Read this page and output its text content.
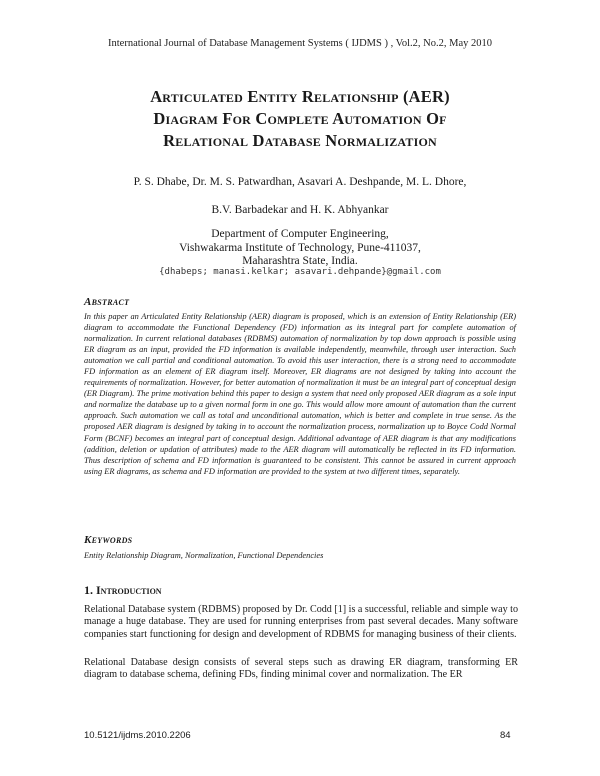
International Journal of Database Management Systems ( IJDMS ) , Vol.2, No.2, May 2010
Articulated Entity Relationship (AER)
Diagram For Complete Automation Of
Relational Database Normalization
P. S. Dhabe, Dr. M. S. Patwardhan, Asavari A. Deshpande, M. L. Dhore,
B.V. Barbadekar and H. K. Abhyankar
Department of Computer Engineering,
Vishwakarma Institute of Technology, Pune-411037,
Maharashtra State, India.
{dhabeps; manasi.kelkar; asavari.dehpande}@gmail.com
Abstract
In this paper an Articulated Entity Relationship (AER) diagram is proposed, which is an extension of Entity Relationship (ER) diagram to accommodate the Functional Dependency (FD) information as its integral part for complete automation of normalization. In current relational databases (RDBMS) automation of normalization by top down approach is possible using ER diagram as an input, provided the FD information is available independently, meanwhile, through user interaction. Such automation we call partial and conditional automation. To avoid this user interaction, there is a strong need to accommodate FD information as an element of ER diagram itself. Moreover, ER diagrams are not designed by taking into account the requirements of normalization. However, for better automation of normalization it must be an integral part of conceptual design (ER Diagram). The prime motivation behind this paper to design a system that need only proposed AER diagram as a sole input and normalize the database up to a given normal form in one go. This would allow more amount of automation than the current approach. Such automation we call as total and unconditional automation, which is better and complete in true sense. As the proposed AER diagram is designed by taking in to account the normalization process, normalization up to Boyce Codd Normal Form (BCNF) becomes an integral part of conceptual design. Additional advantage of AER diagram is that any modifications (addition, deletion or updation of attributes) made to the AER diagram will automatically be reflected in its FD information. Thus description of schema and FD information is guaranteed to be consistent. This cannot be assured in current approach using ER diagrams, as schema and FD information are provided to the system at two different times, separately.
Keywords
Entity Relationship Diagram, Normalization, Functional Dependencies
1. Introduction
Relational Database system (RDBMS) proposed by Dr. Codd [1] is a successful, reliable and simple way to manage a huge database. They are used for running enterprises from past several decades. Many software companies start functioning for design and development of RDBMS for managing business of their clients.
Relational Database design consists of several steps such as drawing ER diagram, transforming ER diagram to database schema, defining FDs, finding minimal cover and normalization. The ER
10.5121/ijdms.2010.2206	84
